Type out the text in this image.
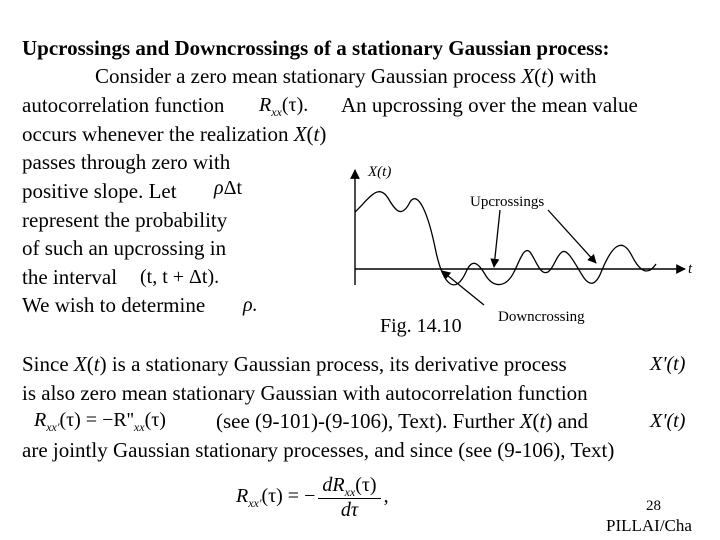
Upcrossings and Downcrossings of a stationary Gaussian process:
Consider a zero mean stationary Gaussian process X(t) with
autocorrelation function $R_{xx}(\tau)$. An upcrossing over the mean value
occurs whenever the realization X(t)
passes through zero with
positive slope. Let ρΔt
represent the probability
of such an upcrossing in
the interval (t, t + Δt).
We wish to determine ρ.
X(t)
t
Upcrossings
Downcrossing
Fig. 14.10
Since X(t) is a stationary Gaussian process, its derivative process	X'(t)
is also zero mean stationary Gaussian with autocorrelation function
$R_{xx'}(\tau) = -R''_{xx}(\tau)$ (see (9-101)-(9-106), Text). Further X(t) and	X'(t)
are jointly Gaussian stationary processes, and since (see (9-106), Text)
$R_{xx'}(\tau)$ = − $\frac{dR_{xx}(\tau)}{d\tau}$ ,	28
PILLAI/Cha
